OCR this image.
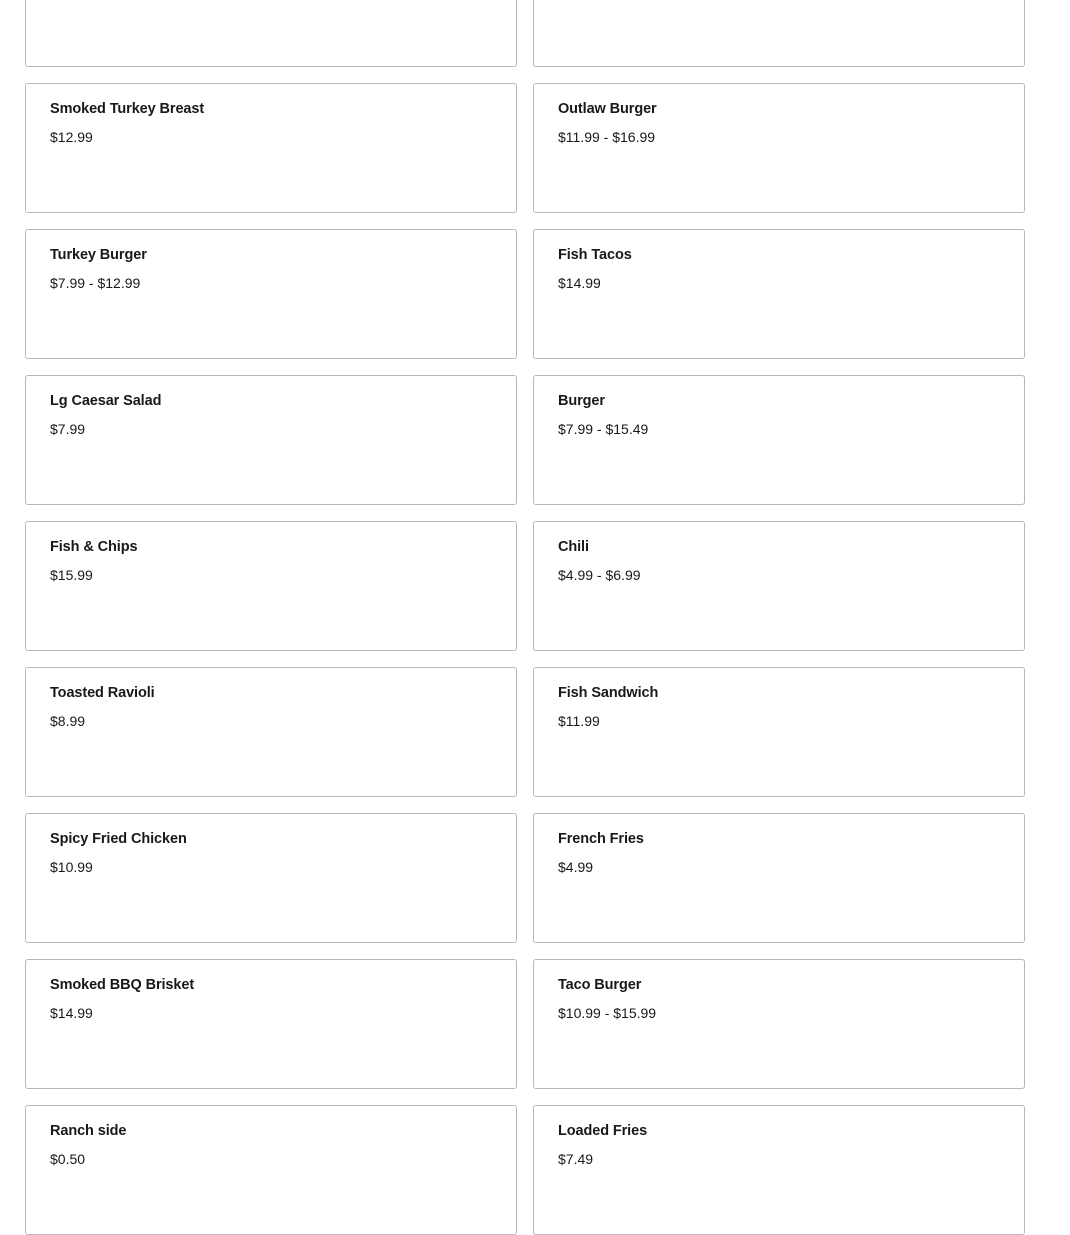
Smoked Turkey Breast
$12.99
Outlaw Burger
$11.99 - $16.99
Turkey Burger
$7.99 - $12.99
Fish Tacos
$14.99
Lg Caesar Salad
$7.99
Burger
$7.99 - $15.49
Fish & Chips
$15.99
Chili
$4.99 - $6.99
Toasted Ravioli
$8.99
Fish Sandwich
$11.99
Spicy Fried Chicken
$10.99
French Fries
$4.99
Smoked BBQ Brisket
$14.99
Taco Burger
$10.99 - $15.99
Ranch side
$0.50
Loaded Fries
$7.49
